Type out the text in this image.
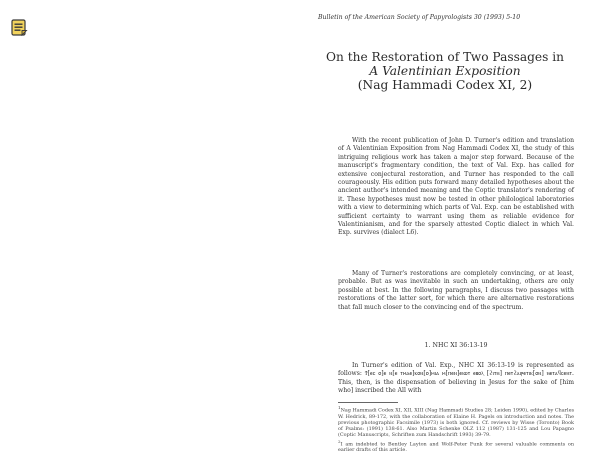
Bulletin of the American Society of Papyrologists 30 (1993) 5-10
On the Restoration of Two Passages in
A Valentinian Exposition
(Nag Hammadi Codex XI, 2)
With the recent publication of John D. Turner's edition and translation of A Valentinian Exposition from Nag Hammadi Codex XI, the study of this intriguing religious work has taken a major step forward. Because of the manuscript's fragmentary condition, the text of Val. Exp. has called for extensive conjectural restoration, and Turner has responded to the call courageously. His edition puts forward many detailed hypotheses about the ancient author's intended meaning and the Coptic translator's rendering of it. These hypotheses must now be tested in other philological laboratories with a view to determining which parts of Val. Exp. can be established with sufficient certainty to warrant using them as reliable evidence for Valentinianism, and for the sparsely attested Coptic dialect in which Val. Exp. survives (dialect L6).
Many of Turner's restorations are completely convincing, or at least, probable. But as was inevitable in such an undertaking, others are only possible at best. In the following paragraphs, I discuss two passages with restorations of the latter sort, for which there are alternative restorations that fall much closer to the convincing end of the spectrum.
1. NHC XI 36:13-19
In Turner's edition of Val. Exp., NHC XI 36:13-19 is represented as follows: Ϯ[ⲉⲥ ⲟ]ⲉ ⲛ[ⲉ ⲧⲙⲁⲉ]ⲕⲟⲛ[ⲟ]ⲙⲓⲁ ⲙ[ⲡⲉⲛ]ⲉⲓⲱⲧ ⲉⲃⲟⲗ [ϩⲓⲧⲛ] ⲡⲉⲧϩⲁⲓⲣⲉⲧⲓⲕ[ⲟⲛ] ⲛⲉⲧⲁϥⲥⲉⲛⲧ. This, then, is the dispensation of believing in Jesus for the sake of [him who] inscribed the All with
$^1$Nag Hammadi Codex XI, XII, XIII (Nag Hammadi Studies 28; Leiden 1990), edited by Charles W. Hedrick, 89-172, with the collaboration of Elaine H. Pagels on introduction and notes. The previous photographic Facsimile (1973) is both ignored. Cf. reviews by Wisse (Toronto) Book of Psalms: (1991) 138-61. Also Martin Schenke OLZ 112 (1987) 131-125 and Lou Papagno (Coptic Manuscripts, Schriften zum Handschrift 1993) 39-79.
$^2$I am indebted to Bentley Layton and Wolf-Peter Funk for several valuable comments on earlier drafts of this article.
